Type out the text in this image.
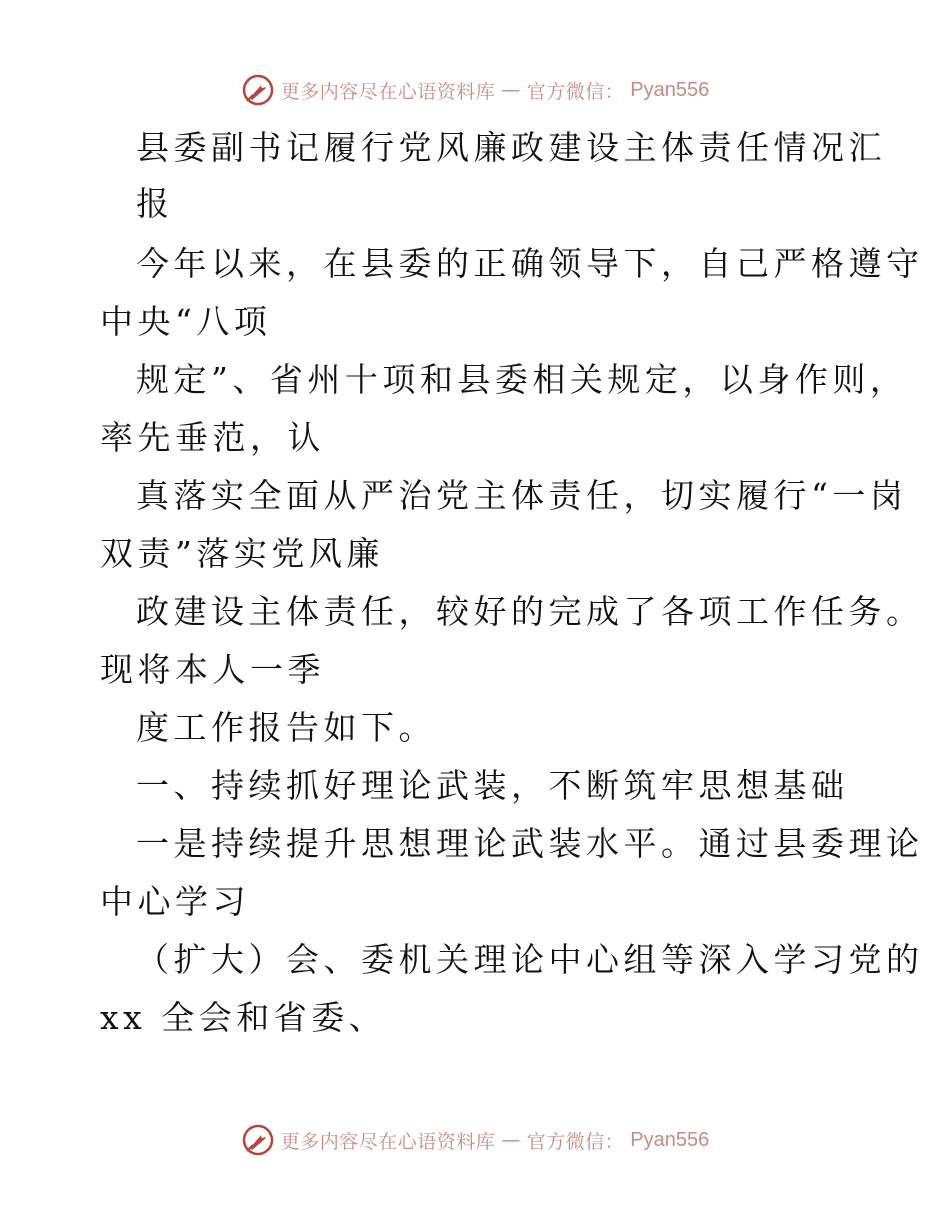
更多内容尽在心语资料库 — 官方微信： Pyan556
县委副书记履行党风廉政建设主体责任情况汇
报
今年以来，在县委的正确领导下，自己严格遵守
中央“八项
规定”、省州十项和县委相关规定，以身作则，
率先垂范，认
真落实全面从严治党主体责任，切实履行“一岗
双责”落实党风廉
政建设主体责任，较好的完成了各项工作任务。
现将本人一季
度工作报告如下。
一、持续抓好理论武装，不断筑牢思想基础
一是持续提升思想理论武装水平。通过县委理论
中心学习
（扩大）会、委机关理论中心组等深入学习党的
xx 全会和省委、
更多内容尽在心语资料库 — 官方微信： Pyan556
